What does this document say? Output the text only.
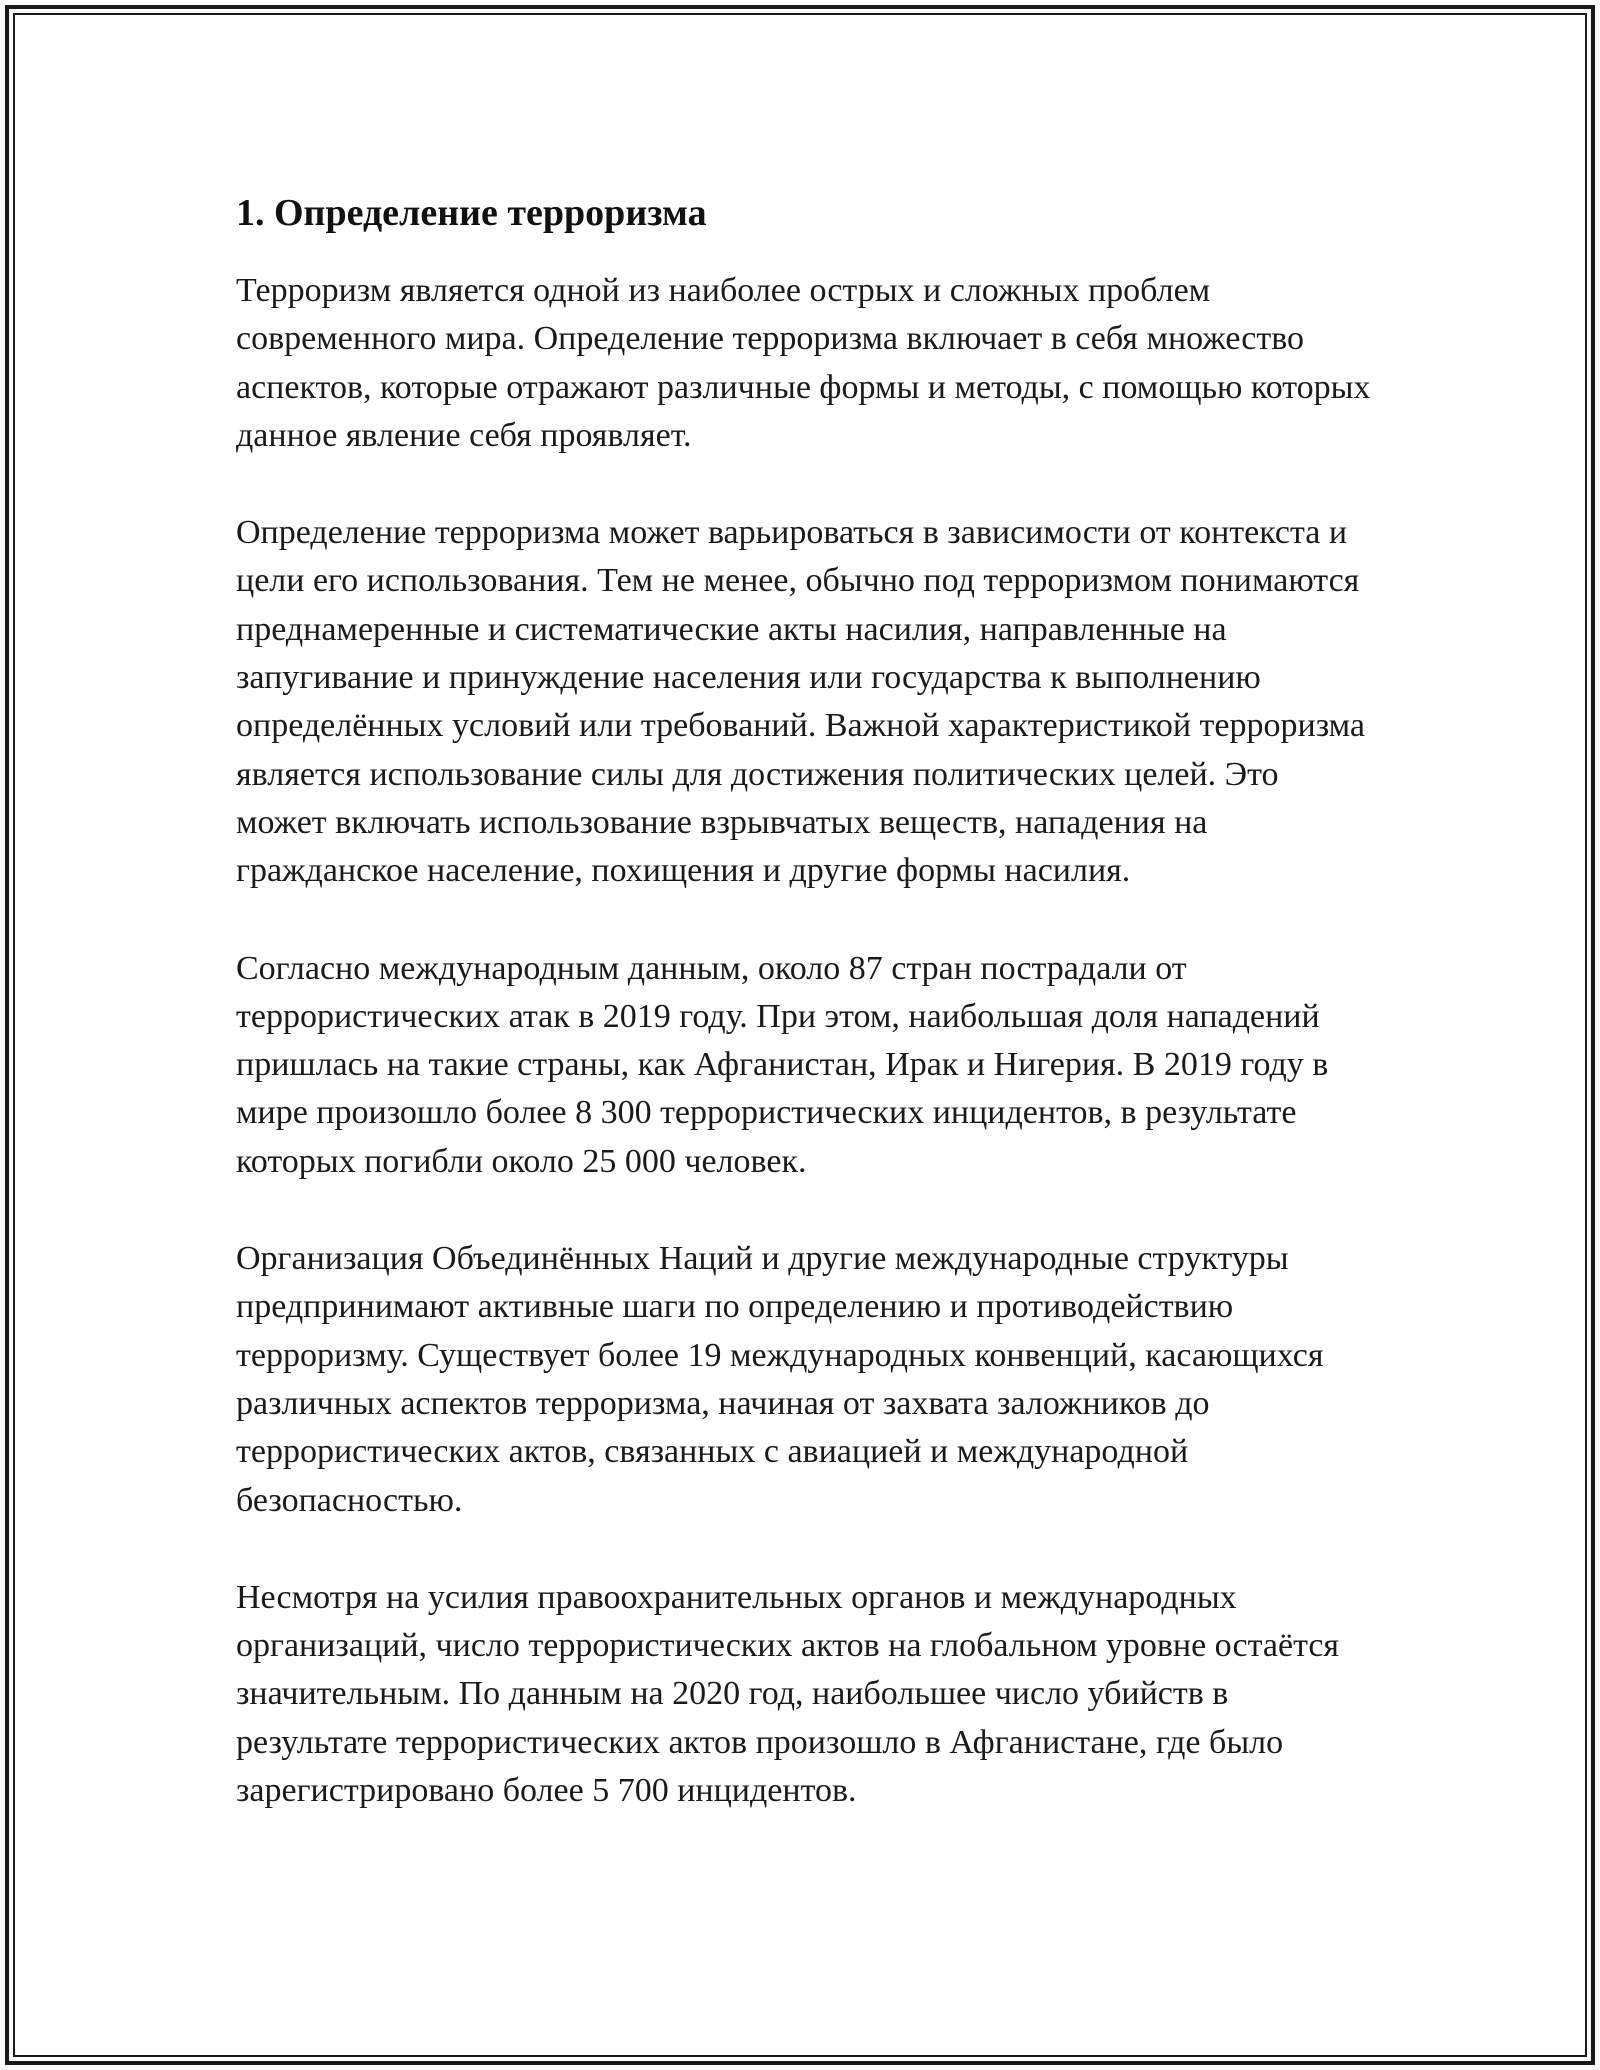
1. Определение терроризма

Терроризм является одной из наиболее острых и сложных проблем современного мира. Определение терроризма включает в себя множество аспектов, которые отражают различные формы и методы, с помощью которых данное явление себя проявляет.

Определение терроризма может варьироваться в зависимости от контекста и цели его использования. Тем не менее, обычно под терроризмом понимаются преднамеренные и систематические акты насилия, направленные на запугивание и принуждение населения или государства к выполнению определённых условий или требований. Важной характеристикой терроризма является использование силы для достижения политических целей. Это может включать использование взрывчатых веществ, нападения на гражданское население, похищения и другие формы насилия.

Согласно международным данным, около 87 стран пострадали от террористических атак в 2019 году. При этом, наибольшая доля нападений пришлась на такие страны, как Афганистан, Ирак и Нигерия. В 2019 году в мире произошло более 8 300 террористических инцидентов, в результате которых погибли около 25 000 человек.

Организация Объединённых Наций и другие международные структуры предпринимают активные шаги по определению и противодействию терроризму. Существует более 19 международных конвенций, касающихся различных аспектов терроризма, начиная от захвата заложников до террористических актов, связанных с авиацией и международной безопасностью.

Несмотря на усилия правоохранительных органов и международных организаций, число террористических актов на глобальном уровне остаётся значительным. По данным на 2020 год, наибольшее число убийств в результате террористических актов произошло в Афганистане, где было зарегистрировано более 5 700 инцидентов.
